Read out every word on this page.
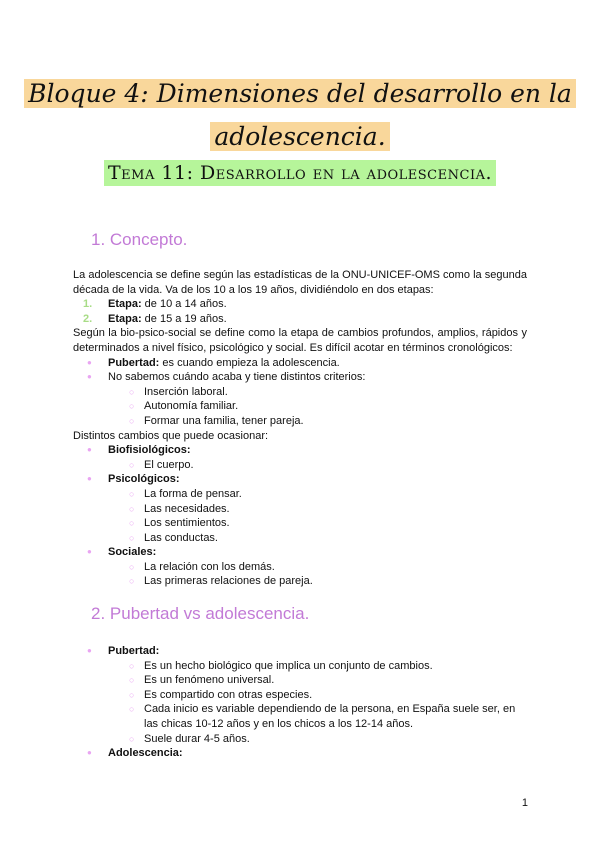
Bloque 4: Dimensiones del desarrollo en la
adolescencia.
Tema 11: Desarrollo en la adolescencia.
1. Concepto.

La adolescencia se define según las estadísticas de la ONU-UNICEF-OMS como la segunda década de la vida. Va de los 10 a los 19 años, dividiéndolo en dos etapas:

1. Etapa: de 10 a 14 años.
2. Etapa: de 15 a 19 años.

Según la bio-psico-social se define como la etapa de cambios profundos, amplios, rápidos y determinados a nivel físico, psicológico y social. Es difícil acotar en términos cronológicos:

● Pubertad: es cuando empieza la adolescencia.
● No sabemos cuándo acaba y tiene distintos criterios:
○ Inserción laboral.
○ Autonomía familiar.
○ Formar una familia, tener pareja.

Distintos cambios que puede ocasionar:

● Biofisiológicos:
○ El cuerpo.
● Psicológicos:
○ La forma de pensar.
○ Las necesidades.
○ Los sentimientos.
○ Las conductas.
● Sociales:
○ La relación con los demás.
○ Las primeras relaciones de pareja.
2. Pubertad vs adolescencia.
● Pubertad:
○ Es un hecho biológico que implica un conjunto de cambios.
○ Es un fenómeno universal.
○ Es compartido con otras especies.
○ Cada inicio es variable dependiendo de la persona, en España suele ser, en las chicas 10-12 años y en los chicos a los 12-14 años.
○ Suele durar 4-5 años.
● Adolescencia:
1
